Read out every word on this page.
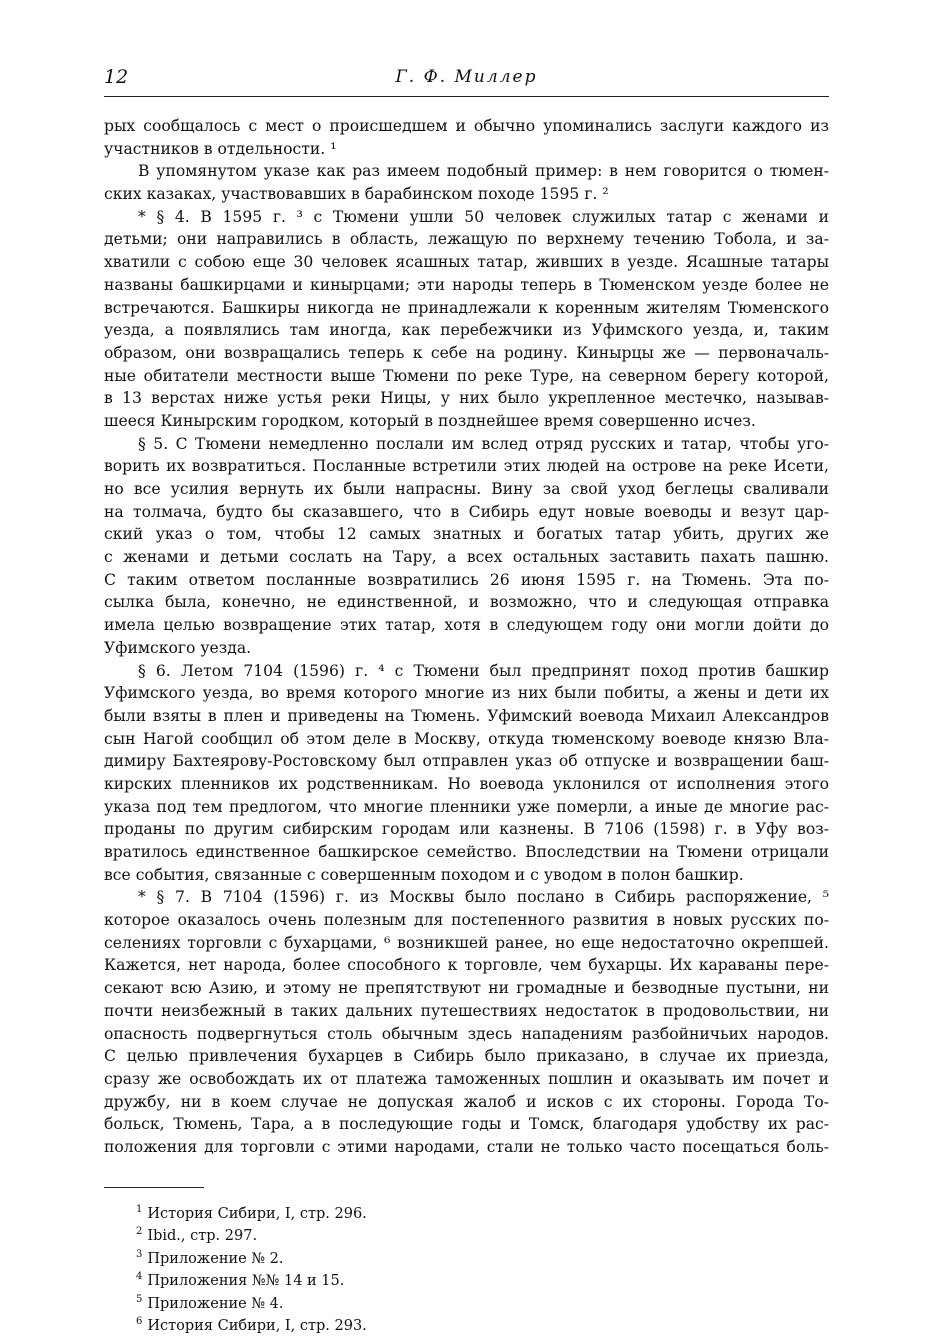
12	Г. Ф. Миллер
рых сообщалось с мест о происшедшем и обычно упоминались заслуги каждого из
участников в отдельности. ¹
В упомянутом указе как раз имеем подобный пример: в нем говорится о тюмен-
ских казаках, участвовавших в барабинском походе 1595 г. ²
* § 4. В 1595 г. ³ с Тюмени ушли 50 человек служилых татар с женами и
детьми; они направились в область, лежащую по верхнему течению Тобола, и за-
хватили с собою еще 30 человек ясашных татар, живших в уезде. Ясашные татары
названы башкирцами и кинырцами; эти народы теперь в Тюменском уезде более не
встречаются. Башкиры никогда не принадлежали к коренным жителям Тюменского
уезда, а появлялись там иногда, как перебежчики из Уфимского уезда, и, таким
образом, они возвращались теперь к себе на родину. Кинырцы же — первоначаль-
ные обитатели местности выше Тюмени по реке Туре, на северном берегу которой,
в 13 верстах ниже устья реки Ницы, у них было укрепленное местечко, называв-
шееся Кинырским городком, который в позднейшее время совершенно исчез.
§ 5. С Тюмени немедленно послали им вслед отряд русских и татар, чтобы уго-
ворить их возвратиться. Посланные встретили этих людей на острове на реке Исети,
но все усилия вернуть их были напрасны. Вину за свой уход беглецы сваливали
на толмача, будто бы сказавшего, что в Сибирь едут новые воеводы и везут цар-
ский указ о том, чтобы 12 самых знатных и богатых татар убить, других же
с женами и детьми сослать на Тару, а всех остальных заставить пахать пашню.
С таким ответом посланные возвратились 26 июня 1595 г. на Тюмень. Эта по-
сылка была, конечно, не единственной, и возможно, что и следующая отправка
имела целью возвращение этих татар, хотя в следующем году они могли дойти до
Уфимского уезда.
§ 6. Летом 7104 (1596) г. ⁴ с Тюмени был предпринят поход против башкир
Уфимского уезда, во время которого многие из них были побиты, а жены и дети их
были взяты в плен и приведены на Тюмень. Уфимский воевода Михаил Александров
сын Нагой сообщил об этом деле в Москву, откуда тюменскому воеводе князю Вла-
димиру Бахтеярову-Ростовскому был отправлен указ об отпуске и возвращении баш-
кирских пленников их родственникам. Но воевода уклонился от исполнения этого
указа под тем предлогом, что многие пленники уже померли, а иные де многие рас-
проданы по другим сибирским городам или казнены. В 7106 (1598) г. в Уфу воз-
вратилось единственное башкирское семейство. Впоследствии на Тюмени отрицали
все события, связанные с совершенным походом и с уводом в полон башкир.
* § 7. В 7104 (1596) г. из Москвы было послано в Сибирь распоряжение, ⁵
которое оказалось очень полезным для постепенного развития в новых русских по-
селениях торговли с бухарцами, ⁶ возникшей ранее, но еще недостаточно окрепшей.
Кажется, нет народа, более способного к торговле, чем бухарцы. Их караваны пере-
секают всю Азию, и этому не препятствуют ни громадные и безводные пустыни, ни
почти неизбежный в таких дальних путешествиях недостаток в продовольствии, ни
опасность подвергнуться столь обычным здесь нападениям разбойничьих народов.
С целью привлечения бухарцев в Сибирь было приказано, в случае их приезда,
сразу же освобождать их от платежа таможенных пошлин и оказывать им почет и
дружбу, ни в коем случае не допуская жалоб и исков с их стороны. Города То-
больск, Тюмень, Тара, а в последующие годы и Томск, благодаря удобству их рас-
положения для торговли с этими народами, стали не только часто посещаться боль-
$^1$ История Сибири, I, стр. 296.
$^2$ Ibid., стр. 297.
$^3$ Приложение № 2.
$^4$ Приложения №№ 14 и 15.
$^5$ Приложение № 4.
$^6$ История Сибири, I, стр. 293.
